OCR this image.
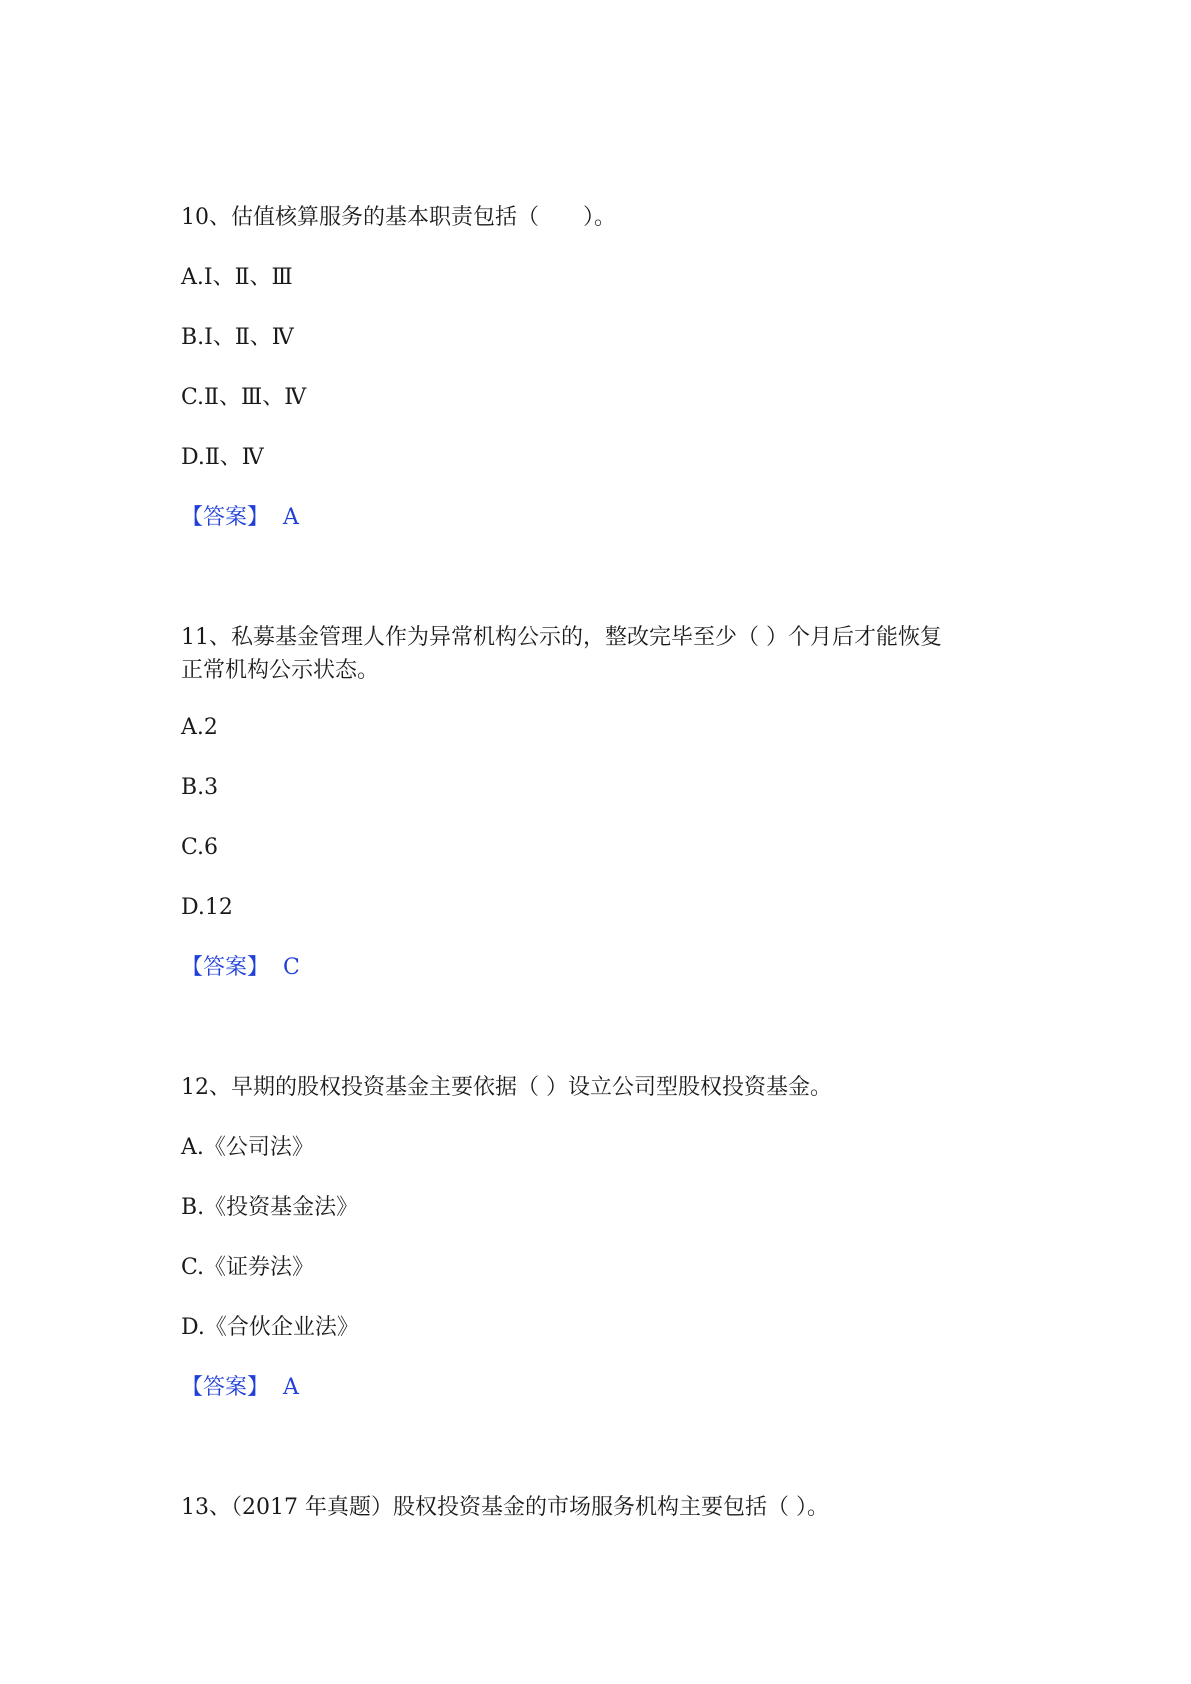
10、估值核算服务的基本职责包括（　　）。
A.Ⅰ、Ⅱ、Ⅲ
B.Ⅰ、Ⅱ、Ⅳ
C.Ⅱ、Ⅲ、Ⅳ
D.Ⅱ、Ⅳ
【答案】 A
11、私募基金管理人作为异常机构公示的，整改完毕至少（ ）个月后才能恢复
正常机构公示状态。
A.2
B.3
C.6
D.12
【答案】 C
12、早期的股权投资基金主要依据（ ）设立公司型股权投资基金。
A.《公司法》
B.《投资基金法》
C.《证券法》
D.《合伙企业法》
【答案】 A
13、（2017 年真题）股权投资基金的市场服务机构主要包括（ ）。
